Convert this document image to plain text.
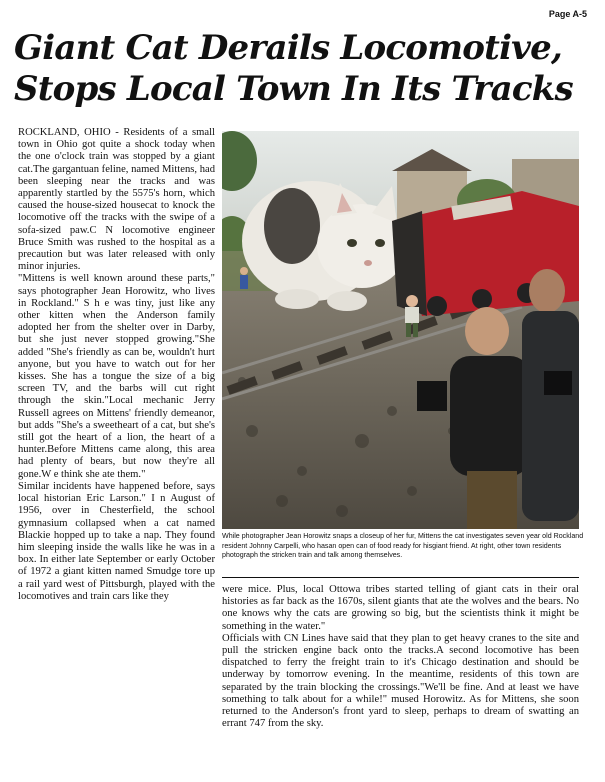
Page A-5
Giant Cat Derails Locomotive,
Stops Local Town In Its Tracks

ROCKLAND, OHIO - Residents of a small town in Ohio got quite a shock today when the one o'clock train was stopped by a giant cat.The gargantuan feline, named Mittens, had been sleeping near the tracks and was apparently startled by the 5575's horn, which caused the house-sized housecat to knock the locomotive off the tracks with the swipe of a sofa-sized paw.C N locomotive engineer Bruce Smith was rushed to the hospital as a precaution but was later released with only minor injuries.

"Mittens is well known around these parts," says photographer Jean Horowitz, who lives in Rockland." S h e was tiny, just like any other kitten when the Anderson family adopted her from the shelter over in Darby, but she just never stopped growing."She added "She's friendly as can be, wouldn't hurt anyone, but you have to watch out for her kisses. She has a tongue the size of a big screen TV, and the barbs will cut right through the skin."Local mechanic Jerry Russell agrees on Mittens' friendly demeanor, but adds "She's a sweetheart of a cat, but she's still got the heart of a lion, the heart of a hunter.Before Mittens came along, this area had plenty of bears, but now they're all gone.W e think she ate them."

Similar incidents have happened before, says local historian Eric Larson." I n August of 1956, over in Chesterfield, the school gymnasium collapsed when a cat named Blackie hopped up to take a nap. They found him sleeping inside the walls like he was in a box. In either late September or early October of 1972 a giant kitten named Smudge tore up a rail yard west of Pittsburgh, played with the locomotives and train cars like they

While photographer Jean Horowitz snaps a closeup of her fur, Mittens the cat investigates seven year old Rockland resident Johnny Carpelli, who hasan open can of food ready for hisgiant friend. At right, other town residents photograph the stricken train and talk among themselves.

were mice. Plus, local Ottowa tribes started telling of giant cats in their oral histories as far back as the 1670s, silent giants that ate the wolves and the bears. No one knows why the cats are growing so big, but the scientists think it might be something in the water."

Officials with CN Lines have said that they plan to get heavy cranes to the site and pull the stricken engine back onto the tracks.A second locomotive has been dispatched to ferry the freight train to it's Chicago destination and should be underway by tomorrow evening. In the meantime, residents of this town are separated by the train blocking the crossings."We'll be fine. And at least we have something to talk about for a while!" mused Horowitz. As for Mittens, she soon returned to the Anderson's front yard to sleep, perhaps to dream of swatting an errant 747 from the sky.
